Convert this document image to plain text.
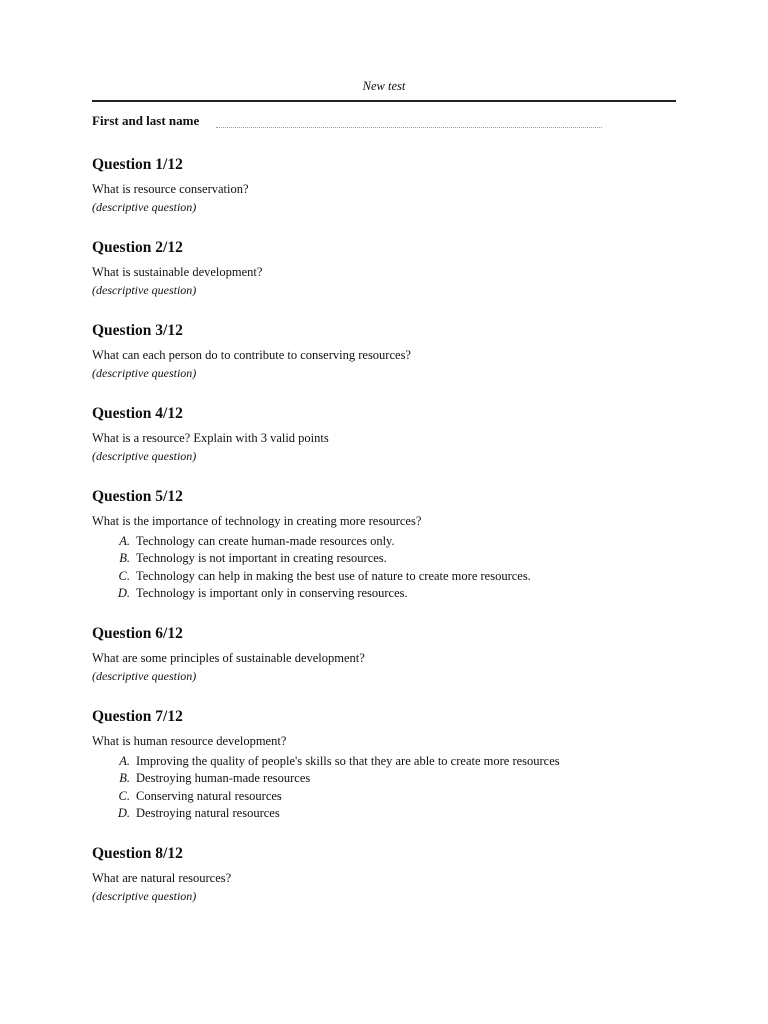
New test
First and last name
Question 1/12

What is resource conservation?

(descriptive question)

Question 2/12

What is sustainable development?

(descriptive question)

Question 3/12

What can each person do to contribute to conserving resources?

(descriptive question)

Question 4/12

What is a resource? Explain with 3 valid points

(descriptive question)

Question 5/12

What is the importance of technology in creating more resources?

A. Technology can create human-made resources only.
B. Technology is not important in creating resources.
C. Technology can help in making the best use of nature to create more resources.
D. Technology is important only in conserving resources.
Question 6/12

What are some principles of sustainable development?

(descriptive question)

Question 7/12

What is human resource development?

A. Improving the quality of people's skills so that they are able to create more resources
B. Destroying human-made resources
C. Conserving natural resources
D. Destroying natural resources
Question 8/12

What are natural resources?

(descriptive question)
